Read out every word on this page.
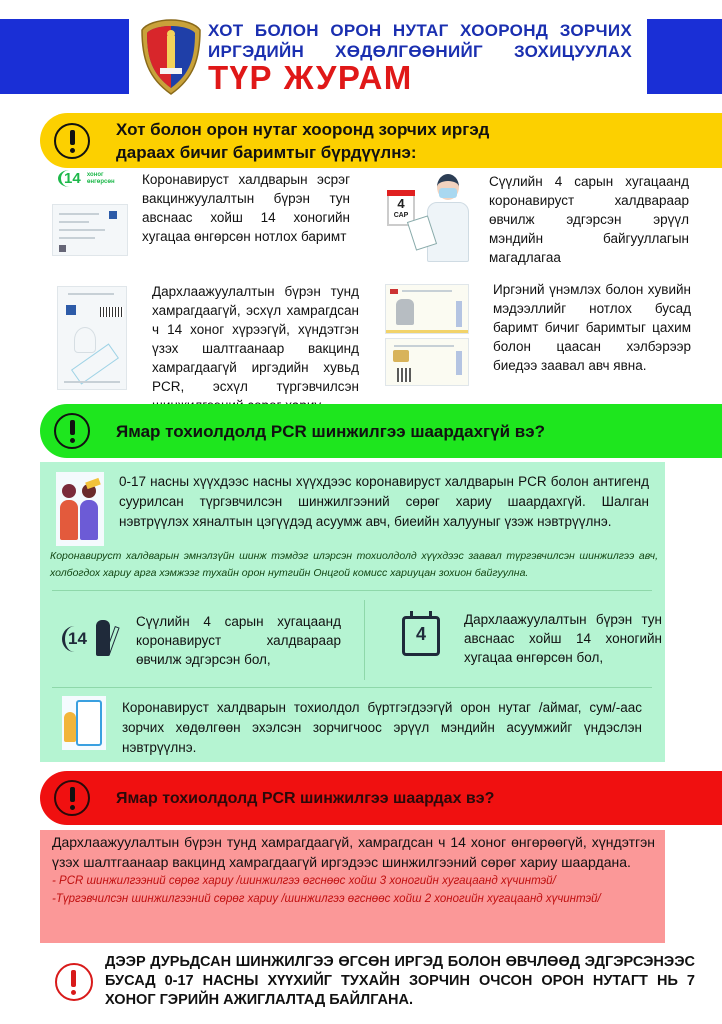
ХОТ БОЛОН ОРОН НУТАГ ХООРОНД ЗОРЧИХ
ИРГЭДИЙН ХӨДӨЛГӨӨНИЙГ ЗОХИЦУУЛАХ
ТҮР ЖУРАМ
Хот болон орон нутаг хооронд зорчих иргэд
дараах бичиг баримтыг бүрдүүлнэ:
14 хоног
өнгөрсөн Коронавируст халдварын эсрэг вакцинжуулалтын бүрэн тун авснаас хойш 14 хоногийн хугацаа өнгөрсөн нотлох баримт
4
САР
Сүүлийн 4 сарын хугацаанд коронавируст халдвараар өвчилж эдгэрсэн эрүүл мэндийн байгууллагын магадлагаа
Дархлаажуулалтын бүрэн тунд хамрагдаагүй, эсхүл хамрагдсан ч 14 хоног хүрээгүй, хүндэтгэн үзэх шалтгаанаар вакцинд хамрагдаагүй иргэдийн хувьд PCR, эсхүл түргэвчилсэн
Иргэний үнэмлэх болон хувийн мэдээллийг нотлох бусад баримт бичиг баримтыг цахим болон цаасан хэлбэрээр биедээ заавал авч явна.
Ямар тохиолдолд PCR шинжилгээ шаардахгүй вэ?
0-17 насны хүүхдээс насны хүүхдээс коронавируст халдварын PCR болон антигенд суурилсан түргэвчилсэн шинжилгээний сөрөг хариу шаардахгүй. Шалган нэвтрүүлэх хяналтын цэгүүдэд асуумж авч, биеийн халууныг үзэж нэвтрүүлнэ.
Коронавируст халдварын эмнэлзүйн шинж тэмдэг илэрсэн тохиолдолд хүүхдээс заавал түргэвчилсэн шинжилгээ авч, холбогдох хариу арга хэмжээг тухайн орон нутгийн Онцгой комисс хариуцан зохион байгуулна.
14
Сүүлийн 4 сарын хугацаанд коронавируст халдвараар өвчилж эдгэрсэн бол,
4
Дархлаажуулалтын бүрэн тун авснаас хойш 14 хоногийн хугацаа өнгөрсөн бол,
Коронавируст халдварын тохиолдол бүртгэгдээгүй орон нутаг /аймаг, сум/-аас зорчих хөдөлгөөн эхэлсэн зорчигчоос эрүүл мэндийн асуумжийг үндэслэн нэвтрүүлнэ.
Ямар тохиолдолд PCR шинжилгээ шаардах вэ?
Дархлаажуулалтын бүрэн тунд хамрагдаагүй, хамрагдсан ч 14 хоног өнгөрөөгүй, хүндэтгэн үзэх шалтгаанаар вакцинд хамрагдаагүй иргэдээс шинжилгээний сөрөг хариу шаардана.
- PCR шинжилгээний сөрөг хариу /шинжилгээ өгснөөс хойш 3 хоногийн хугацаанд хүчинтэй/
-Түргэвчилсэн шинжилгээний сөрөг хариу /шинжилгээ өгснөөс хойш 2 хоногийн хугацаанд хүчинтэй/
ДЭЭР ДУРЬДСАН ШИНЖИЛГЭЭ ӨГСӨН ИРГЭД БОЛОН ӨВЧЛӨӨД ЭДГЭРСЭНЭЭС БУСАД 0-17 НАСНЫ ХҮҮХИЙГ ТУХАЙН ЗОРЧИН ОЧСОН ОРОН НУТАГТ НЬ 7 ХОНОГ ГЭРИЙН АЖИГЛАЛТАД БАЙЛГАНА.
